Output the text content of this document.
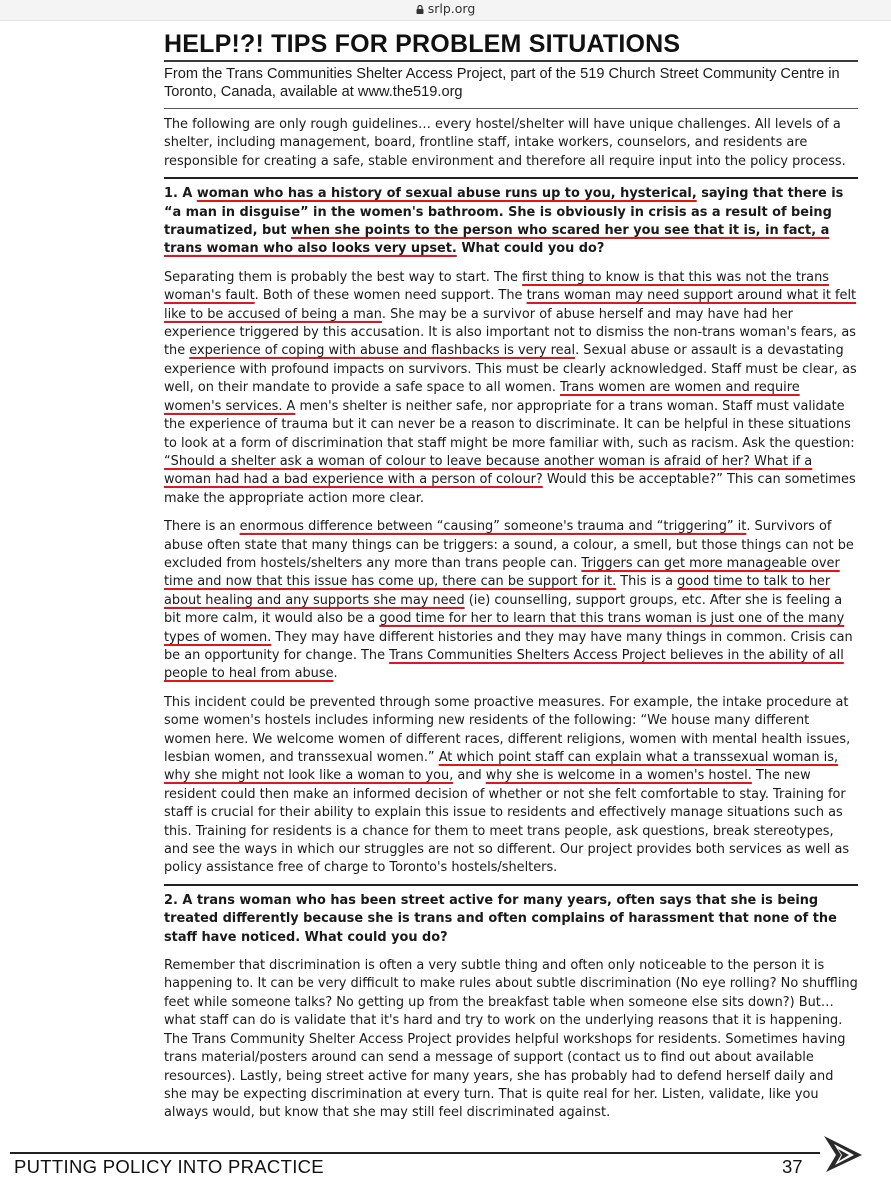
srlp.org
HELP!?! TIPS FOR PROBLEM SITUATIONS

From the Trans Communities Shelter Access Project, part of the 519 Church Street Community Centre in
Toronto, Canada, available at www.the519.org

The following are only rough guidelines… every hostel/shelter will have unique challenges. All levels of a shelter, including management, board, frontline staff, intake workers, counselors, and residents are responsible for creating a safe, stable environment and therefore all require input into the policy process.

1. A woman who has a history of sexual abuse runs up to you, hysterical, saying that there is “a man in disguise” in the women's bathroom. She is obviously in crisis as a result of being traumatized, but when she points to the person who scared her you see that it is, in fact, a trans woman who also looks very upset. What could you do?

Separating them is probably the best way to start. The first thing to know is that this was not the trans woman's fault. Both of these women need support. The trans woman may need support around what it felt like to be accused of being a man. She may be a survivor of abuse herself and may have had her experience triggered by this accusation. It is also important not to dismiss the non-trans woman's fears, as the experience of coping with abuse and flashbacks is very real. Sexual abuse or assault is a devastating experience with profound impacts on survivors. This must be clearly acknowledged. Staff must be clear, as well, on their mandate to provide a safe space to all women. Trans women are women and require women's services. A men's shelter is neither safe, nor appropriate for a trans woman. Staff must validate the experience of trauma but it can never be a reason to discriminate. It can be helpful in these situations to look at a form of discrimination that staff might be more familiar with, such as racism. Ask the question: “Should a shelter ask a woman of colour to leave because another woman is afraid of her? What if a woman had had a bad experience with a person of colour? Would this be acceptable?” This can sometimes make the appropriate action more clear.

There is an enormous difference between “causing” someone's trauma and “triggering” it. Survivors of abuse often state that many things can be triggers: a sound, a colour, a smell, but those things can not be excluded from hostels/shelters any more than trans people can. Triggers can get more manageable over time and now that this issue has come up, there can be support for it. This is a good time to talk to her about healing and any supports she may need (ie) counselling, support groups, etc. After she is feeling a bit more calm, it would also be a good time for her to learn that this trans woman is just one of the many types of women. They may have different histories and they may have many things in common. Crisis can be an opportunity for change. The Trans Communities Shelters Access Project believes in the ability of all people to heal from abuse.

This incident could be prevented through some proactive measures. For example, the intake procedure at some women's hostels includes informing new residents of the following: “We house many different women here. We welcome women of different races, different religions, women with mental health issues, lesbian women, and transsexual women.” At which point staff can explain what a transsexual woman is, why she might not look like a woman to you, and why she is welcome in a women's hostel. The new resident could then make an informed decision of whether or not she felt comfortable to stay. Training for staff is crucial for their ability to explain this issue to residents and effectively manage situations such as this. Training for residents is a chance for them to meet trans people, ask questions, break stereotypes, and see the ways in which our struggles are not so different. Our project provides both services as well as policy assistance free of charge to Toronto's hostels/shelters.

2. A trans woman who has been street active for many years, often says that she is being treated differently because she is trans and often complains of harassment that none of the staff have noticed. What could you do?

Remember that discrimination is often a very subtle thing and often only noticeable to the person it is happening to. It can be very difficult to make rules about subtle discrimination (No eye rolling? No shuffling feet while someone talks? No getting up from the breakfast table when someone else sits down?) But… what staff can do is validate that it's hard and try to work on the underlying reasons that it is happening. The Trans Community Shelter Access Project provides helpful workshops for residents. Sometimes having trans material/posters around can send a message of support (contact us to find out about available resources). Lastly, being street active for many years, she has probably had to defend herself daily and she may be expecting discrimination at every turn. That is quite real for her. Listen, validate, like you always would, but know that she may still feel discriminated against.

PUTTING POLICY INTO PRACTICE	37
